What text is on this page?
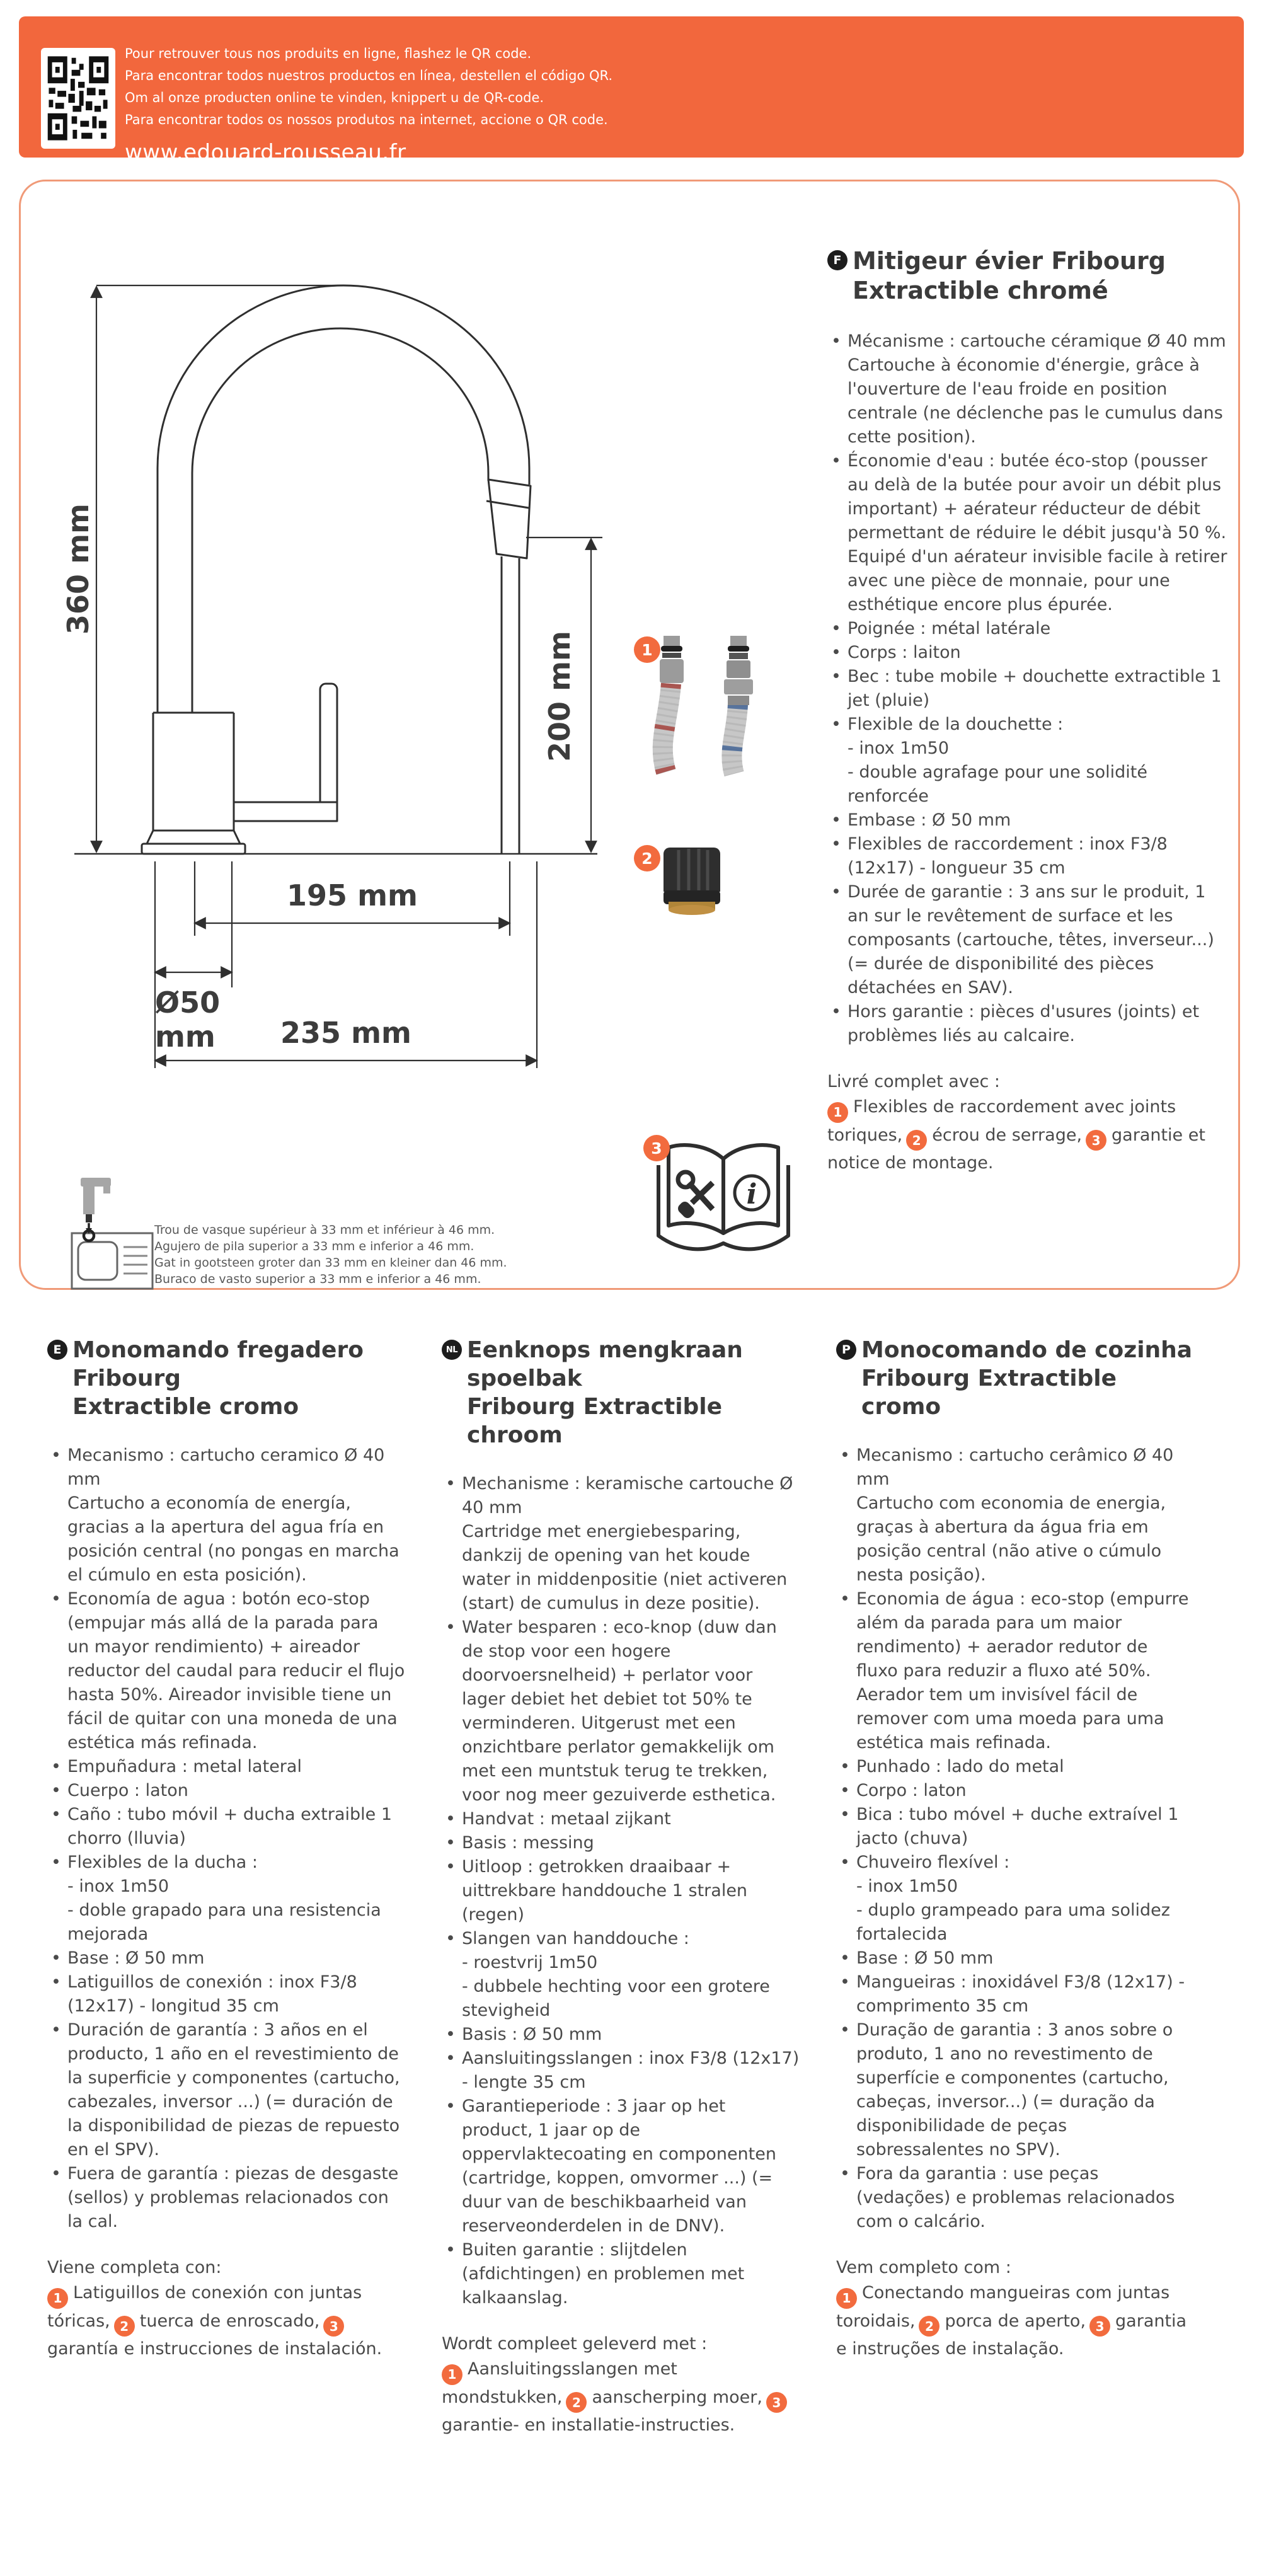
Pour retrouver tous nos produits en ligne, flashez le QR code.
Para encontrar todos nuestros productos en línea, destellen el código QR.
Om al onze producten online te vinden, knippert u de QR-code.
Para encontrar todos os nossos produtos na internet, accione o QR code.
www.edouard-rousseau.fr
360 mm
200 mm
195 mm
Ø50
mm 235 mm
i
1
2
3
Trou de vasque supérieur à 33 mm et inférieur à 46 mm.
Agujero de pila superior a 33 mm e inferior a 46 mm.
Gat in gootsteen groter dan 33 mm en kleiner dan 46 mm.
Buraco de vasto superior a 33 mm e inferior a 46 mm.
F Mitigeur évier Fribourg
Extractible chromé
• Mécanisme : cartouche céramique Ø 40 mm
Cartouche à économie d'énergie, grâce à l'ouverture de l'eau froide en position centrale (ne déclenche pas le cumulus dans cette position).
• Économie d'eau : butée éco-stop (pousser au delà de la butée pour avoir un débit plus important) + aérateur réducteur de débit permettant de réduire le débit jusqu'à 50 %. Equipé d'un aérateur invisible facile à retirer avec une pièce de monnaie, pour une esthétique encore plus épurée.
• Poignée : métal latérale
• Corps : laiton
• Bec : tube mobile + douchette extractible 1 jet (pluie)
• Flexible de la douchette :
- inox 1m50
- double agrafage pour une solidité renforcée
• Embase : Ø 50 mm
• Flexibles de raccordement : inox F3/8 (12x17) - longueur 35 cm
• Durée de garantie : 3 ans sur le produit, 1 an sur le revêtement de surface et les composants (cartouche, têtes, inverseur...) (= durée de disponibilité des pièces détachées en SAV).
• Hors garantie : pièces d'usures (joints) et problèmes liés au calcaire.
Livré complet avec :

1 Flexibles de raccordement avec joints toriques, 2 écrou de serrage, 3 garantie et notice de montage.

E Monomando fregadero Fribourg
Extractible cromo
• Mecanismo : cartucho ceramico Ø 40 mm
Cartucho a economía de energía, gracias a la apertura del agua fría en posición central (no pongas en marcha el cúmulo en esta posición).
• Economía de agua : botón eco-stop (empujar más allá de la parada para un mayor rendimiento) + aireador reductor del caudal para reducir el flujo hasta 50%. Aireador invisible tiene un fácil de quitar con una moneda de una estética más refinada.
• Empuñadura : metal lateral
• Cuerpo : laton
• Caño : tubo móvil + ducha extraible 1 chorro (lluvia)
• Flexibles de la ducha :
- inox 1m50
- doble grapado para una resistencia mejorada
• Base : Ø 50 mm
• Latiguillos de conexión : inox F3/8 (12x17) - longitud 35 cm
• Duración de garantía : 3 años en el producto, 1 año en el revestimiento de la superficie y componentes (cartucho, cabezales, inversor ...) (= duración de la disponibilidad de piezas de repuesto en el SPV).
• Fuera de garantía : piezas de desgaste (sellos) y problemas relacionados con la cal.
Viene completa con:

1 Latiguillos de conexión con juntas tóricas, 2 tuerca de enroscado, 3garantía e instrucciones de instalación.

NL Eenknops mengkraan spoelbak
Fribourg Extractible chroom
• Mechanisme : keramische cartouche Ø 40 mm
Cartridge met energiebesparing, dankzij de opening van het koude water in middenpositie (niet activeren (start) de cumulus in deze positie).
• Water besparen : eco-knop (duw dan de stop voor een hogere doorvoersnelheid) + perlator voor lager debiet het debiet tot 50% te verminderen. Uitgerust met een onzichtbare perlator gemakkelijk om met een muntstuk terug te trekken, voor nog meer gezuiverde esthetica.
• Handvat : metaal zijkant
• Basis : messing
• Uitloop : getrokken draaibaar + uittrekbare handdouche 1 stralen (regen)
• Slangen van handdouche :
- roestvrij 1m50
- dubbele hechting voor een grotere stevigheid
• Basis : Ø 50 mm
• Aansluitingsslangen : inox F3/8 (12x17)
- lengte 35 cm
• Garantieperiode : 3 jaar op het product, 1 jaar op de oppervlaktecoating en componenten (cartridge, koppen, omvormer ...) (= duur van de beschikbaarheid van reserveonderdelen in de DNV).
• Buiten garantie : slijtdelen (afdichtingen) en problemen met kalkaanslag.
Wordt compleet geleverd met :

1 Aansluitingsslangen met mondstukken, 2 aanscherping moer, 3garantie- en installatie-instructies.

P Monocomando de cozinha
Fribourg Extractible cromo
• Mecanismo : cartucho cerâmico Ø 40 mm
Cartucho com economia de energia, graças à abertura da água fria em posição central (não ative o cúmulo nesta posição).
• Economia de água : eco-stop (empurre além da parada para um maior rendimento) + aerador redutor de fluxo para reduzir a fluxo até 50%. Aerador tem um invisível fácil de remover com uma moeda para uma estética mais refinada.
• Punhado : lado do metal
• Corpo : laton
• Bica : tubo móvel + duche extraível 1 jacto (chuva)
• Chuveiro flexível :
- inox 1m50
- duplo grampeado para uma solidez fortalecida
• Base : Ø 50 mm
• Mangueiras : inoxidável F3/8 (12x17) - comprimento 35 cm
• Duração de garantia : 3 anos sobre o produto, 1 ano no revestimento de superfície e componentes (cartucho, cabeças, inversor...) (= duração da disponibilidade de peças sobressalentes no SPV).
• Fora da garantia : use peças (vedações) e problemas relacionados com o calcário.
Vem completo com :

1 Conectando mangueiras com juntas toroidais, 2 porca de aperto, 3 garantia e instruções de instalação.
